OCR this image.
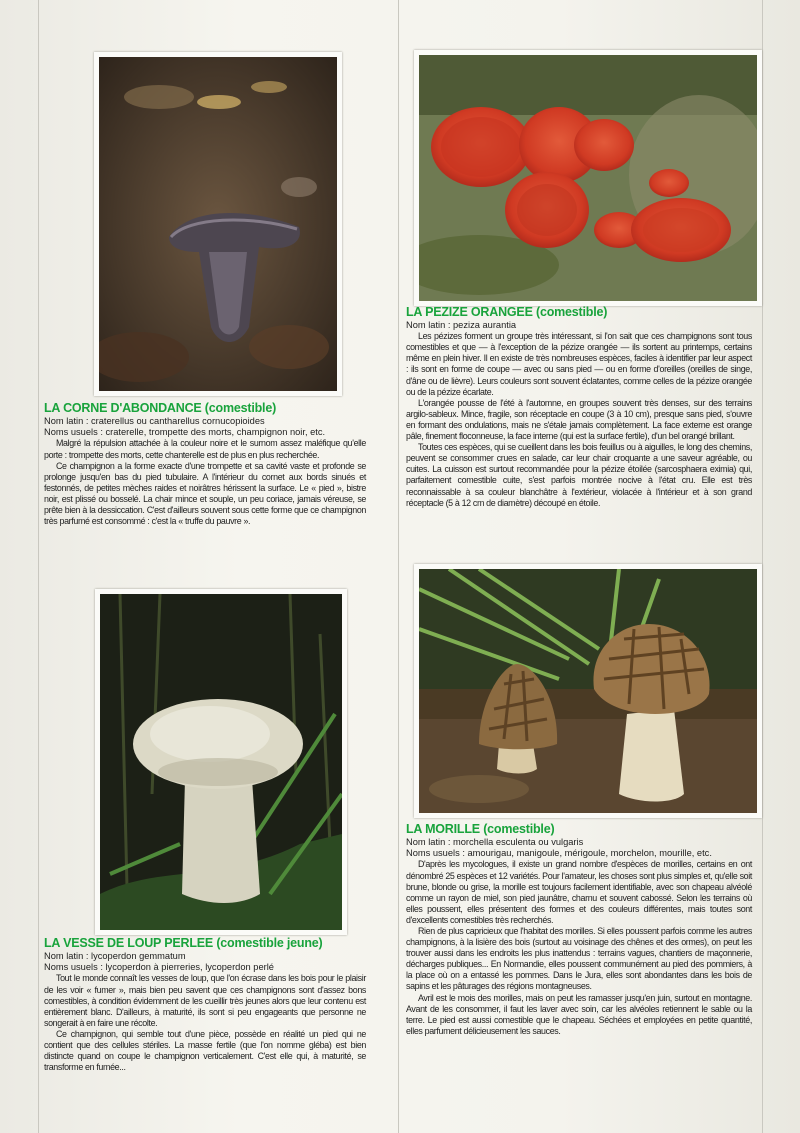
LA CORNE D'ABONDANCE (comestible)

Nom latin : craterellus ou cantharellus cornucopioides

Noms usuels : craterelle, trompette des morts, champignon noir, etc.

Malgré la répulsion attachée à la couleur noire et le surnom assez maléfique qu'elle porte : trompette des morts, cette chanterelle est de plus en plus recherchée.

Ce champignon a la forme exacte d'une trompette et sa cavité vaste et profonde se prolonge jusqu'en bas du pied tubulaire. A l'intérieur du cornet aux bords sinués et festonnés, de petites mèches raides et noirâtres hérissent la surface. Le « pied », bistre noir, est plissé ou bosselé. La chair mince et souple, un peu coriace, jamais véreuse, se prête bien à la dessiccation. C'est d'ailleurs souvent sous cette forme que ce champignon très parfumé est consommé : c'est la « truffe du pauvre ».

LA PEZIZE ORANGEE (comestible)

Nom latin : peziza aurantia

Les pézizes forment un groupe très intéressant, si l'on sait que ces champignons sont tous comestibles et que — à l'exception de la pézize orangée — ils sortent au printemps, certains même en plein hiver. Il en existe de très nombreuses espèces, faciles à identifier par leur aspect : ils sont en forme de coupe — avec ou sans pied — ou en forme d'oreilles (oreilles de singe, d'âne ou de lièvre). Leurs couleurs sont souvent éclatantes, comme celles de la pézize orangée ou de la pézize écarlate.

L'orangée pousse de l'été à l'automne, en groupes souvent très denses, sur des terrains argilo-sableux. Mince, fragile, son réceptacle en coupe (3 à 10 cm), presque sans pied, s'ouvre en formant des ondulations, mais ne s'étale jamais complètement. La face externe est orange pâle, finement floconneuse, la face interne (qui est la surface fertile), d'un bel orangé brillant.

Toutes ces espèces, qui se cueillent dans les bois feuillus ou à aiguilles, le long des chemins, peuvent se consommer crues en salade, car leur chair croquante a une saveur agréable, ou cuites. La cuisson est surtout recommandée pour la pézize étoilée (sarcosphaera eximia) qui, parfaitement comestible cuite, s'est parfois montrée nocive à l'état cru. Elle est très reconnaissable à sa couleur blanchâtre à l'extérieur, violacée à l'intérieur et à son grand réceptacle (5 à 12 cm de diamètre) découpé en étoile.

LA VESSE DE LOUP PERLEE (comestible jeune)

Nom latin : lycoperdon gemmatum

Noms usuels : lycoperdon à pierreries, lycoperdon perlé

Tout le monde connaît les vesses de loup, que l'on écrase dans les bois pour le plaisir de les voir « fumer », mais bien peu savent que ces champignons sont d'assez bons comestibles, à condition évidemment de les cueillir très jeunes alors que leur contenu est entièrement blanc. D'ailleurs, à maturité, ils sont si peu engageants que personne ne songerait à en faire une récolte.

Ce champignon, qui semble tout d'une pièce, possède en réalité un pied qui ne contient que des cellules stériles. La masse fertile (que l'on nomme gléba) est bien distincte quand on coupe le champignon verticalement. C'est elle qui, à maturité, se transforme en fumée...

LA MORILLE (comestible)

Nom latin : morchella esculenta ou vulgaris

Noms usuels : amourigau, manigoule, mérigoule, morchelon, mourille, etc.

D'après les mycologues, il existe un grand nombre d'espèces de morilles, certains en ont dénombré 25 espèces et 12 variétés. Pour l'amateur, les choses sont plus simples et, qu'elle soit brune, blonde ou grise, la morille est toujours facilement identifiable, avec son chapeau alvéolé comme un rayon de miel, son pied jaunâtre, charnu et souvent cabossé. Selon les terrains où elles poussent, elles présentent des formes et des couleurs différentes, mais toutes sont d'excellents comestibles très recherchés.

Rien de plus capricieux que l'habitat des morilles. Si elles poussent parfois comme les autres champignons, à la lisière des bois (surtout au voisinage des chênes et des ormes), on peut les trouver aussi dans les endroits les plus inattendus : terrains vagues, chantiers de maçonnerie, décharges publiques... En Normandie, elles poussent communément au pied des pommiers, à la place où on a entassé les pommes. Dans le Jura, elles sont abondantes dans les bois de sapins et les pâturages des régions montagneuses.

Avril est le mois des morilles, mais on peut les ramasser jusqu'en juin, surtout en montagne. Avant de les consommer, il faut les laver avec soin, car les alvéoles retiennent le sable ou la terre. Le pied est aussi comestible que le chapeau. Séchées et employées en petite quantité, elles parfument délicieusement les sauces.
